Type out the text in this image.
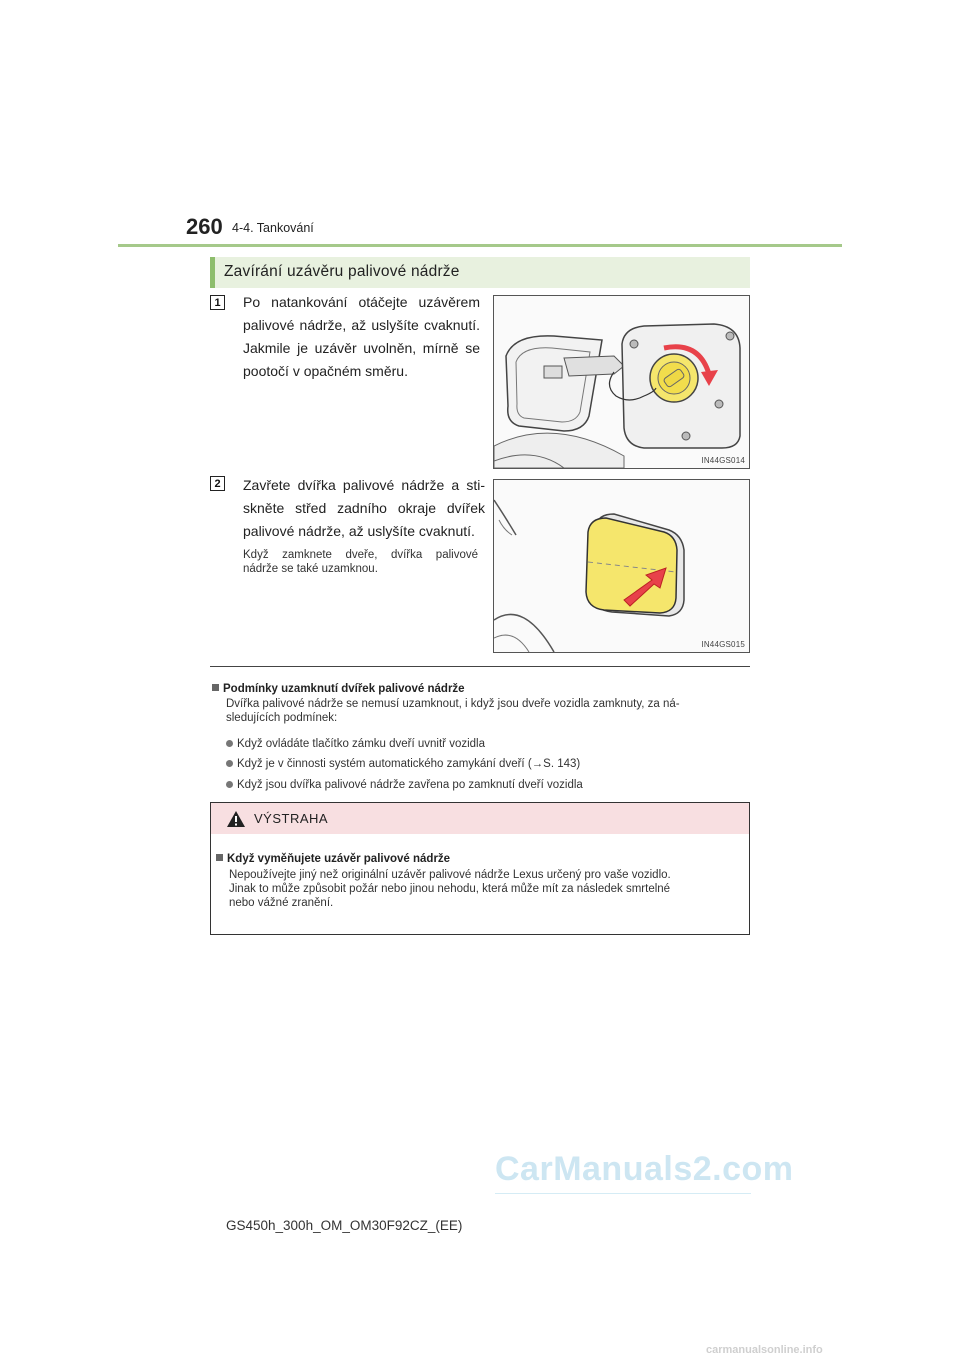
260 4-4. Tankování
Zavírání uzávěru palivové nádrže
1	Po natankování otáčejte uzávěrem
palivové nádrže, až uslyšíte cvaknutí.
Jakmile je uzávěr uvolněn, mírně se
pootočí v opačném směru.
IN44GS014
2	Zavřete dvířka palivové nádrže a sti-
skněte střed zadního okraje dvířek
palivové nádrže, až uslyšíte cvaknutí.
Když zamknete dveře, dvířka palivové
nádrže se také uzamknou.
IN44GS015
Podmínky uzamknutí dvířek palivové nádrže
Dvířka palivové nádrže se nemusí uzamknout, i když jsou dveře vozidla zamknuty, za ná-
sledujících podmínek:
Když ovládáte tlačítko zámku dveří uvnitř vozidla
Když je v činnosti systém automatického zamykání dveří (→S. 143)
Když jsou dvířka palivové nádrže zavřena po zamknutí dveří vozidla
VÝSTRAHA
Když vyměňujete uzávěr palivové nádrže
Nepoužívejte jiný než originální uzávěr palivové nádrže Lexus určený pro vaše vozidlo.
Jinak to může způsobit požár nebo jinou nehodu, která může mít za následek smrtelné
nebo vážné zranění.
CarManuals2.com
GS450h_300h_OM_OM30F92CZ_(EE)
carmanualsonline.info
